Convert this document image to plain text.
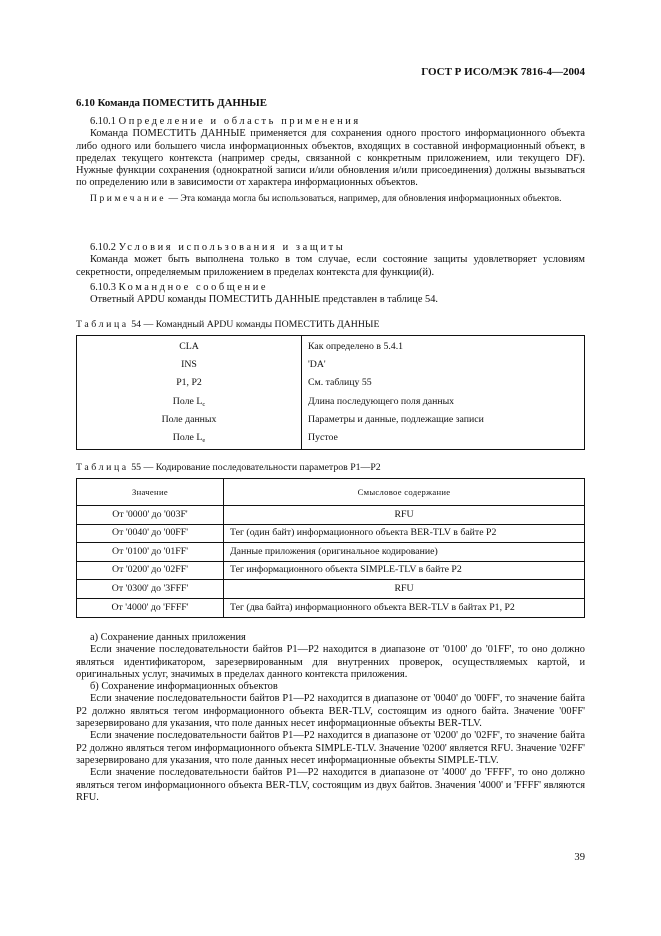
ГОСТ Р ИСО/МЭК 7816-4—2004
6.10 Команда ПОМЕСТИТЬ ДАННЫЕ

6.10.1 Определение и область применения

Команда ПОМЕСТИТЬ ДАННЫЕ применяется для сохранения одного простого информационного объекта либо одного или большего числа информационных объектов, входящих в составной информационный объект, в пределах текущего контекста (например среды, связанной с конкретным приложением, или текущего DF). Нужные функции сохранения (однократной записи и/или обновления и/или присоединения) должны вызываться по определению или в зависимости от характера информационных объектов.

Примечание — Эта команда могла бы использоваться, например, для обновления информационных объектов.

6.10.2 Условия использования и защиты

Команда может быть выполнена только в том случае, если состояние защиты удовлетворяет условиям секретности, определяемым приложением в пределах контекста для функции(й).

6.10.3 Командное сообщение

Ответный APDU команды ПОМЕСТИТЬ ДАННЫЕ представлен в таблице 54.

Таблица 54 — Командный APDU команды ПОМЕСТИТЬ ДАННЫЕ
CLA	Как определено в 5.4.1
INS	'DA'
P1, P2	См. таблицу 55
Поле $L_c$	Длина последующего поля данных
Поле данных	Параметры и данные, подлежащие записи
Поле $L_e$	Пустое
Таблица 55 — Кодирование последовательности параметров P1—P2
Значение	Смысловое содержание
От '0000' до '003F'	RFU
От '0040' до '00FF'	Тег (один байт) информационного объекта BER-TLV в байте P2
От '0100' до '01FF'	Данные приложения (оригинальное кодирование)
От '0200' до '02FF'	Тег информационного объекта SIMPLE-TLV в байте P2
От '0300' до '3FFF'	RFU
От '4000' до 'FFFF'	Тег (два байта) информационного объекта BER-TLV в байтах P1, P2

а) Сохранение данных приложения

Если значение последовательности байтов P1—P2 находится в диапазоне от '0100' до '01FF', то оно должно являться идентификатором, зарезервированным для внутренних проверок, осуществляемых картой, и оригинальных услуг, значимых в пределах данного контекста приложения.

б) Сохранение информационных объектов

Если значение последовательности байтов P1—P2 находится в диапазоне от '0040' до '00FF', то значение байта P2 должно являться тегом информационного объекта BER-TLV, состоящим из одного байта. Значение '00FF' зарезервировано для указания, что поле данных несет информационные объекты BER-TLV.

Если значение последовательности байтов P1—P2 находится в диапазоне от '0200' до '02FF', то значение байта P2 должно являться тегом информационного объекта SIMPLE-TLV. Значение '0200' является RFU. Значение '02FF' зарезервировано для указания, что поле данных несет информационные объекты SIMPLE-TLV.

Если значение последовательности байтов P1—P2 находится в диапазоне от '4000' до 'FFFF', то оно должно являться тегом информационного объекта BER-TLV, состоящим из двух байтов. Значения '4000' и 'FFFF' являются RFU.

39
